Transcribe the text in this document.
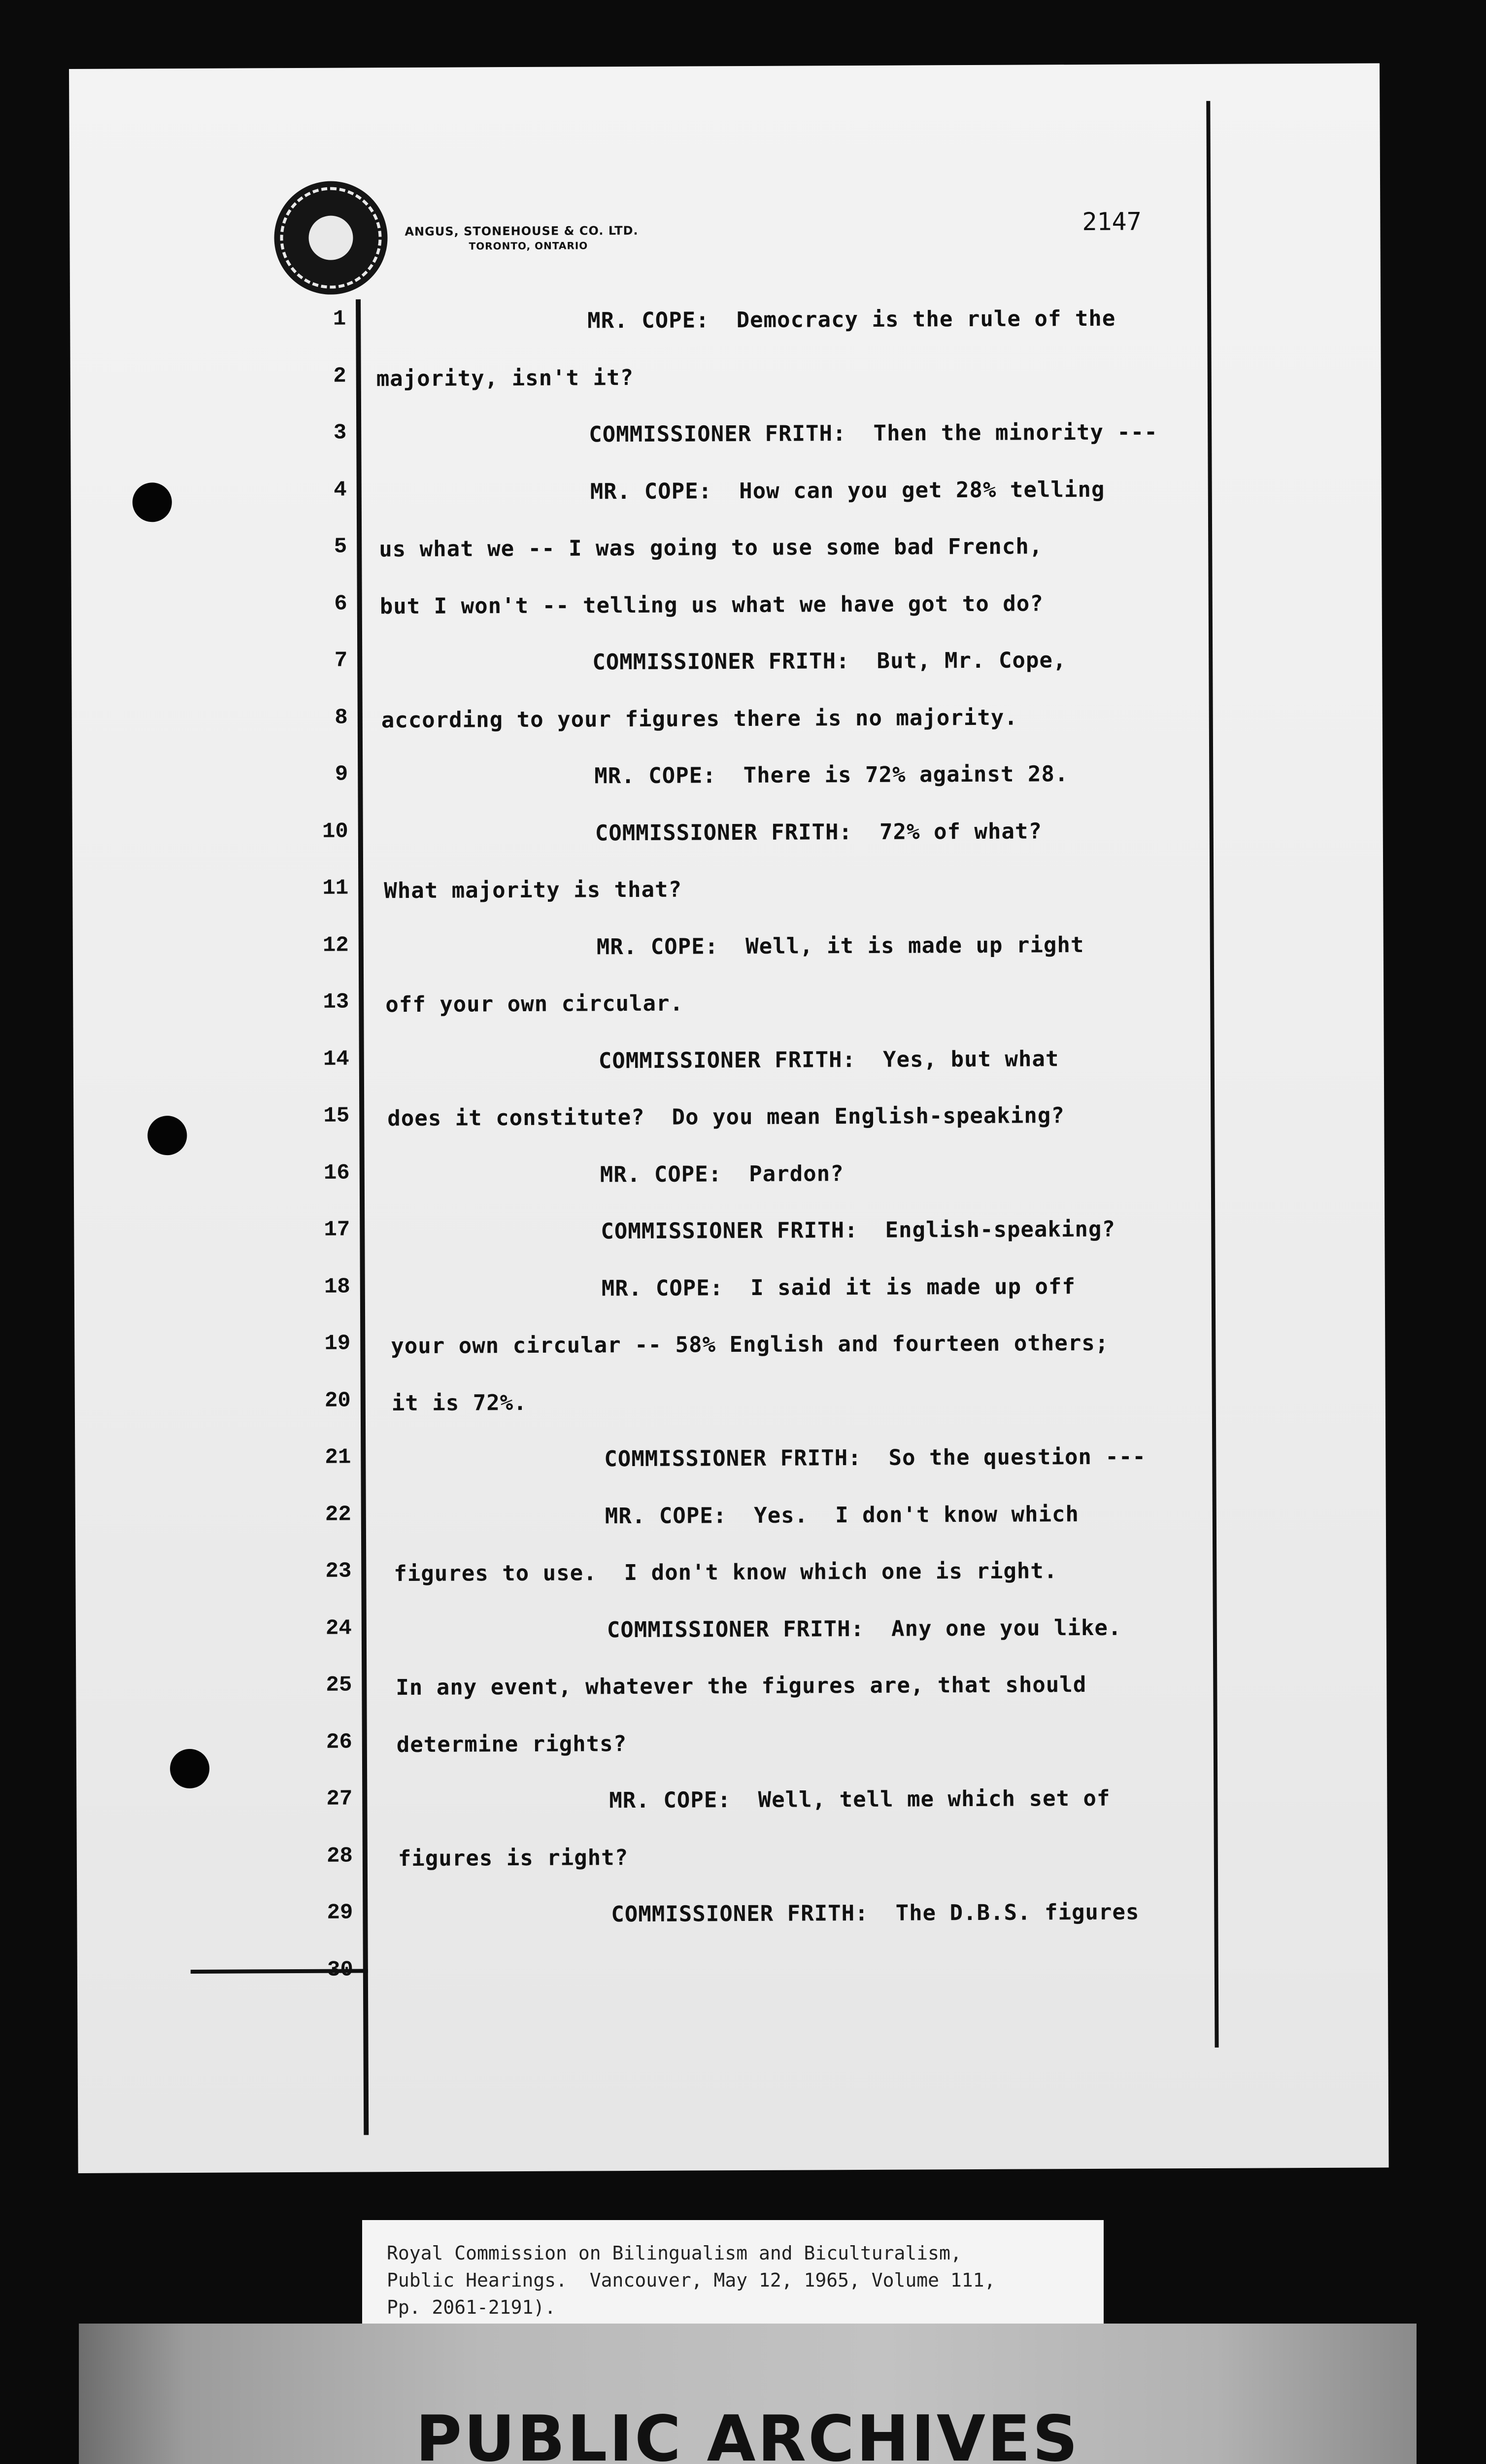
ANGUS, STONEHOUSE & CO. LTD.
TORONTO, ONTARIO
2147
1	MR. COPE:  Democracy is the rule of the
2 majority, isn't it?
3	COMMISSIONER FRITH:  Then the minority ---
4	MR. COPE:  How can you get 28% telling
5 us what we -- I was going to use some bad French,
6 but I won't -- telling us what we have got to do?
7	COMMISSIONER FRITH:  But, Mr. Cope,
8 according to your figures there is no majority.
9	MR. COPE:  There is 72% against 28.
10	COMMISSIONER FRITH:  72% of what?
11 What majority is that?
12	MR. COPE:  Well, it is made up right
13 off your own circular.
14	COMMISSIONER FRITH:  Yes, but what
15 does it constitute?  Do you mean English-speaking?
16	MR. COPE:  Pardon?
17	COMMISSIONER FRITH:  English-speaking?
18	MR. COPE:  I said it is made up off
19 your own circular -- 58% English and fourteen others;
20 it is 72%.
21	COMMISSIONER FRITH:  So the question ---
22	MR. COPE:  Yes.  I don't know which
23 figures to use.  I don't know which one is right.
24	COMMISSIONER FRITH:  Any one you like.
25 In any event, whatever the figures are, that should
26 determine rights?
27	MR. COPE:  Well, tell me which set of
28 figures is right?
29	COMMISSIONER FRITH:  The D.B.S. figures
30
Royal Commission on Bilingualism and Biculturalism,
Public Hearings.  Vancouver, May 12, 1965, Volume 111,
Pp. 2061-2191).
PUBLIC ARCHIVES
